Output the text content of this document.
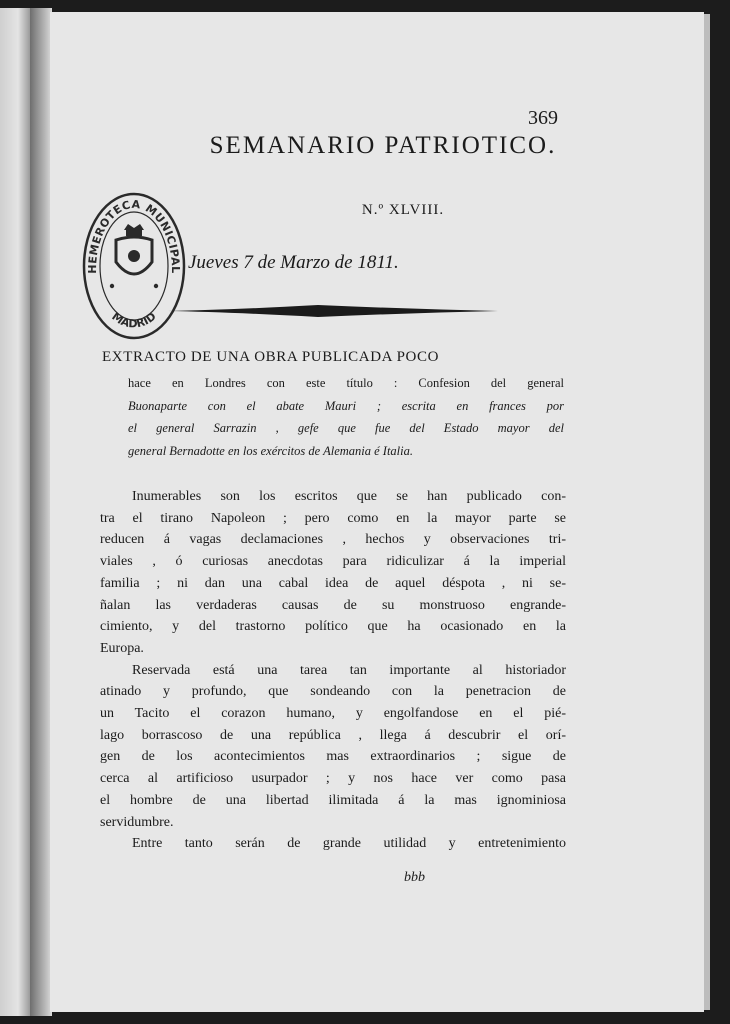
369
SEMANARIO PATRIOTICO.
N.º XLVIII.
Jueves 7 de Marzo de 1811.
HEMEROTECA MUNICIPAL
MADRID
EXTRACTO DE UNA OBRA PUBLICADA POCO
hace en Londres con este título : Confesion del general
Buonaparte con el abate Mauri ; escrita en frances por
el general Sarrazin , gefe que fue del Estado mayor del
general Bernadotte en los exércitos de Alemania é Italia.
Inumerables son los escritos que se han publicado con-
tra el tirano Napoleon ; pero como en la mayor parte se
reducen á vagas declamaciones , hechos y observaciones tri-
viales , ó curiosas anecdotas para ridiculizar á la imperial
familia ; ni dan una cabal idea de aquel déspota , ni se-
ñalan las verdaderas causas de su monstruoso engrande-
cimiento, y del trastorno político que ha ocasionado en la
Europa.
Reservada está una tarea tan importante al historiador
atinado y profundo, que sondeando con la penetracion de
un Tacito el corazon humano, y engolfandose en el pié-
lago borrascoso de una república , llega á descubrir el orí-
gen de los acontecimientos mas extraordinarios ; sigue de
cerca al artificioso usurpador ; y nos hace ver como pasa
el hombre de una libertad ilimitada á la mas ignominiosa
servidumbre.
Entre tanto serán de grande utilidad y entretenimiento
bbb
